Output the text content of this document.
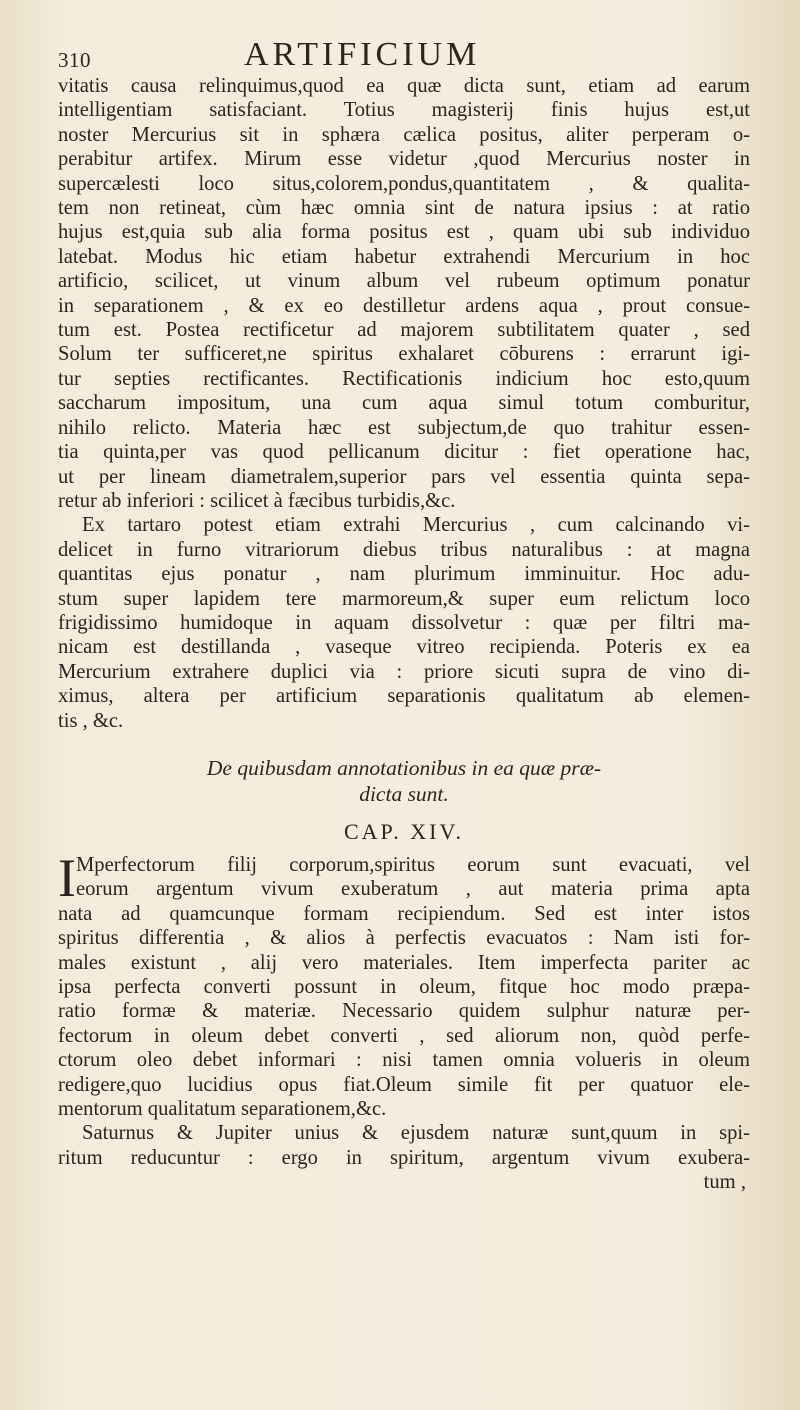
310	ARTIFICIUM
vitatis causa relinquimus,quod ea quæ dicta sunt, etiam ad earum
intelligentiam satisfaciant. Totius magisterij finis hujus est,ut
noster Mercurius sit in sphæra cælica positus, aliter perperam o-
perabitur artifex. Mirum esse videtur ,quod Mercurius noster in
supercælesti loco situs,colorem,pondus,quantitatem , & qualita-
tem non retineat, cùm hæc omnia sint de natura ipsius : at ratio
hujus est,quia sub alia forma positus est , quam ubi sub individuo
latebat. Modus hic etiam habetur extrahendi Mercurium in hoc
artificio, scilicet, ut vinum album vel rubeum optimum ponatur
in separationem , & ex eo destilletur ardens aqua , prout consue-
tum est. Postea rectificetur ad majorem subtilitatem quater , sed
Solum ter sufficeret,ne spiritus exhalaret cōburens : errarunt igi-
tur septies rectificantes. Rectificationis indicium hoc esto,quum
saccharum impositum, una cum aqua simul totum comburitur,
nihilo relicto. Materia hæc est subjectum,de quo trahitur essen-
tia quinta,per vas quod pellicanum dicitur : fiet operatione hac,
ut per lineam diametralem,superior pars vel essentia quinta sepa-
retur ab inferiori : scilicet à fæcibus turbidis,&c.
Ex tartaro potest etiam extrahi Mercurius , cum calcinando vi-
delicet in furno vitrariorum diebus tribus naturalibus : at magna
quantitas ejus ponatur , nam plurimum imminuitur. Hoc adu-
stum super lapidem tere marmoreum,& super eum relictum loco
frigidissimo humidoque in aquam dissolvetur : quæ per filtri ma-
nicam est destillanda , vaseque vitreo recipienda. Poteris ex ea
Mercurium extrahere duplici via : priore sicuti supra de vino di-
ximus, altera per artificium separationis qualitatum ab elemen-
tis , &c.
De quibusdam annotationibus in ea quæ præ-
dicta sunt.
CAP. XIV.
I Mperfectorum filij corporum,spiritus eorum sunt evacuati, vel
eorum argentum vivum exuberatum , aut materia prima apta
nata ad quamcunque formam recipiendum. Sed est inter istos
spiritus differentia , & alios à perfectis evacuatos : Nam isti for-
males existunt , alij vero materiales. Item imperfecta pariter ac
ipsa perfecta converti possunt in oleum, fitque hoc modo præpa-
ratio formæ & materiæ. Necessario quidem sulphur naturæ per-
fectorum in oleum debet converti , sed aliorum non, quòd perfe-
ctorum oleo debet informari : nisi tamen omnia volueris in oleum
redigere,quo lucidius opus fiat.Oleum simile fit per quatuor ele-
mentorum qualitatum separationem,&c.
Saturnus & Jupiter unius & ejusdem naturæ sunt,quum in spi-
ritum reducuntur : ergo in spiritum, argentum vivum exubera-
tum ,
